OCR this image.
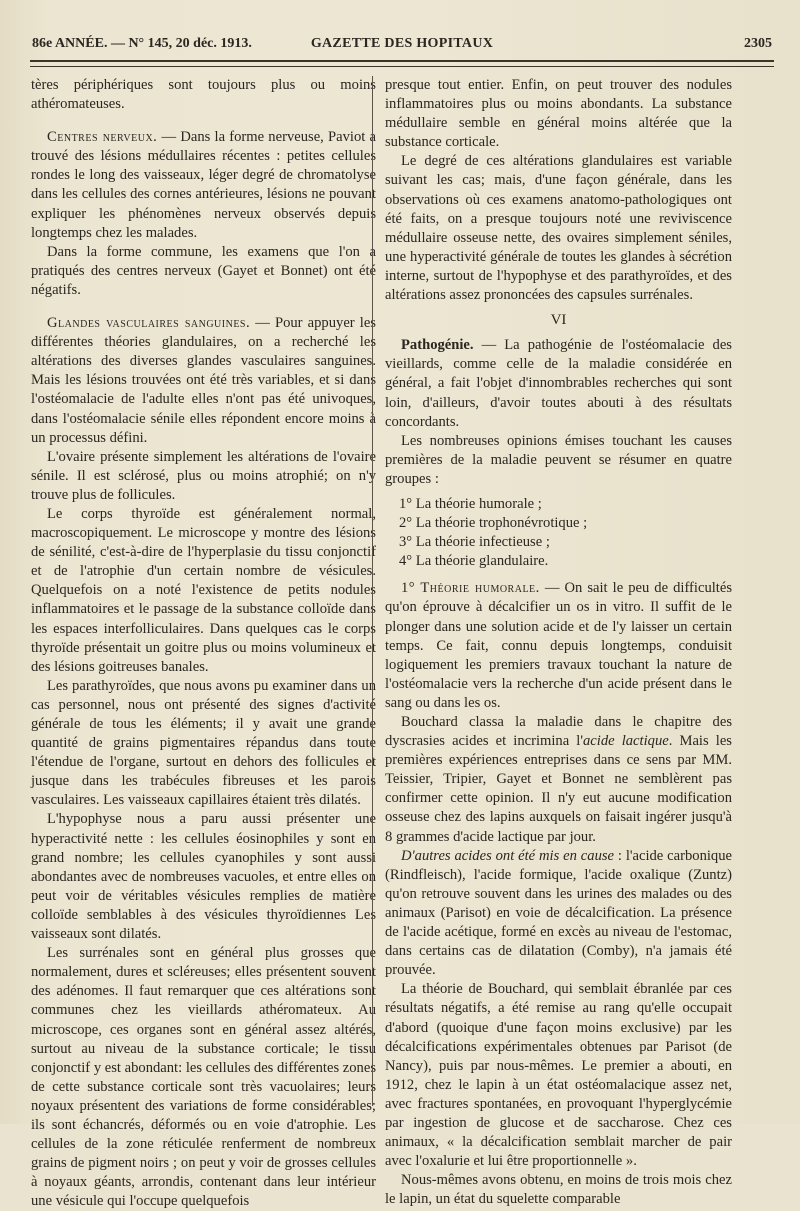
86e ANNÉE. — N° 145, 20 déc. 1913.	GAZETTE DES HOPITAUX	2305

tères périphériques sont toujours plus ou moins athéromateuses.

Centres nerveux. — Dans la forme nerveuse, Paviot a trouvé des lésions médullaires récentes : petites cellules rondes le long des vaisseaux, léger degré de chromatolyse dans les cellules des cornes antérieures, lésions ne pouvant expliquer les phénomènes nerveux observés depuis longtemps chez les malades.

Dans la forme commune, les examens que l'on a pratiqués des centres nerveux (Gayet et Bonnet) ont été négatifs.

Glandes vasculaires sanguines. — Pour appuyer les différentes théories glandulaires, on a recherché les altérations des diverses glandes vasculaires sanguines. Mais les lésions trouvées ont été très variables, et si dans l'ostéomalacie de l'adulte elles n'ont pas été univoques, dans l'ostéomalacie sénile elles répondent encore moins à un processus défini.

L'ovaire présente simplement les altérations de l'ovaire sénile. Il est sclérosé, plus ou moins atrophié; on n'y trouve plus de follicules.

Le corps thyroïde est généralement normal, macroscopiquement. Le microscope y montre des lésions de sénilité, c'est-à-dire de l'hyperplasie du tissu conjonctif et de l'atrophie d'un certain nombre de vésicules. Quelquefois on a noté l'existence de petits nodules inflammatoires et le passage de la substance colloïde dans les espaces interfolliculaires. Dans quelques cas le corps thyroïde présentait un goitre plus ou moins volumineux et des lésions goitreuses banales.

Les parathyroïdes, que nous avons pu examiner dans un cas personnel, nous ont présenté des signes d'activité générale de tous les éléments; il y avait une grande quantité de grains pigmentaires répandus dans toute l'étendue de l'organe, surtout en dehors des follicules et jusque dans les trabécules fibreuses et les parois vasculaires. Les vaisseaux capillaires étaient très dilatés.

L'hypophyse nous a paru aussi présenter une hyperactivité nette : les cellules éosinophiles y sont en grand nombre; les cellules cyanophiles y sont aussi abondantes avec de nombreuses vacuoles, et entre elles on peut voir de véritables vésicules remplies de matière colloïde semblables à des vésicules thyroïdiennes Les vaisseaux sont dilatés.

Les surrénales sont en général plus grosses que normalement, dures et scléreuses; elles présentent souvent des adénomes. Il faut remarquer que ces altérations sont communes chez les vieillards athéromateux. Au microscope, ces organes sont en général assez altérés, surtout au niveau de la substance corticale; le tissu conjonctif y est abondant: les cellules des différentes zones de cette substance corticale sont très vacuolaires; leurs noyaux présentent des variations de forme considérables; ils sont échancrés, déformés ou en voie d'atrophie. Les cellules de la zone réticulée renferment de nombreux grains de pigment noirs ; on peut y voir de grosses cellules à noyaux géants, arrondis, contenant dans leur intérieur une vésicule qui l'occupe quelquefois

presque tout entier. Enfin, on peut trouver des nodules inflammatoires plus ou moins abondants. La substance médullaire semble en général moins altérée que la substance corticale.

Le degré de ces altérations glandulaires est variable suivant les cas; mais, d'une façon générale, dans les observations où ces examens anatomo-pathologiques ont été faits, on a presque toujours noté une reviviscence médullaire osseuse nette, des ovaires simplement séniles, une hyperactivité générale de toutes les glandes à sécrétion interne, surtout de l'hypophyse et des parathyroïdes, et des altérations assez prononcées des capsules surrénales.

VI

Pathogénie. — La pathogénie de l'ostéomalacie des vieillards, comme celle de la maladie considérée en général, a fait l'objet d'innombrables recherches qui sont loin, d'ailleurs, d'avoir toutes abouti à des résultats concordants.

Les nombreuses opinions émises touchant les causes premières de la maladie peuvent se résumer en quatre groupes :

1° La théorie humorale ;

2° La théorie trophonévrotique ;

3° La théorie infectieuse ;

4° La théorie glandulaire.

1° Théorie humorale. — On sait le peu de difficultés qu'on éprouve à décalcifier un os in vitro. Il suffit de le plonger dans une solution acide et de l'y laisser un certain temps. Ce fait, connu depuis longtemps, conduisit logiquement les premiers travaux touchant la nature de l'ostéomalacie vers la recherche d'un acide présent dans le sang ou dans les os.

Bouchard classa la maladie dans le chapitre des dyscrasies acides et incrimina l'acide lactique. Mais les premières expériences entreprises dans ce sens par MM. Teissier, Tripier, Gayet et Bonnet ne semblèrent pas confirmer cette opinion. Il n'y eut aucune modification osseuse chez des lapins auxquels on faisait ingérer jusqu'à 8 grammes d'acide lactique par jour.

D'autres acides ont été mis en cause : l'acide carbonique (Rindfleisch), l'acide formique, l'acide oxalique (Zuntz) qu'on retrouve souvent dans les urines des malades ou des animaux (Parisot) en voie de décalcification. La présence de l'acide acétique, formé en excès au niveau de l'estomac, dans certains cas de dilatation (Comby), n'a jamais été prouvée.

La théorie de Bouchard, qui semblait ébranlée par ces résultats négatifs, a été remise au rang qu'elle occupait d'abord (quoique d'une façon moins exclusive) par les décalcifications expérimentales obtenues par Parisot (de Nancy), puis par nous-mêmes. Le premier a abouti, en 1912, chez le lapin à un état ostéomalacique assez net, avec fractures spontanées, en provoquant l'hyperglycémie par ingestion de glucose et de saccharose. Chez ces animaux, « la décalcification semblait marcher de pair avec l'oxalurie et lui être proportionnelle ».

Nous-mêmes avons obtenu, en moins de trois mois chez le lapin, un état du squelette comparable
